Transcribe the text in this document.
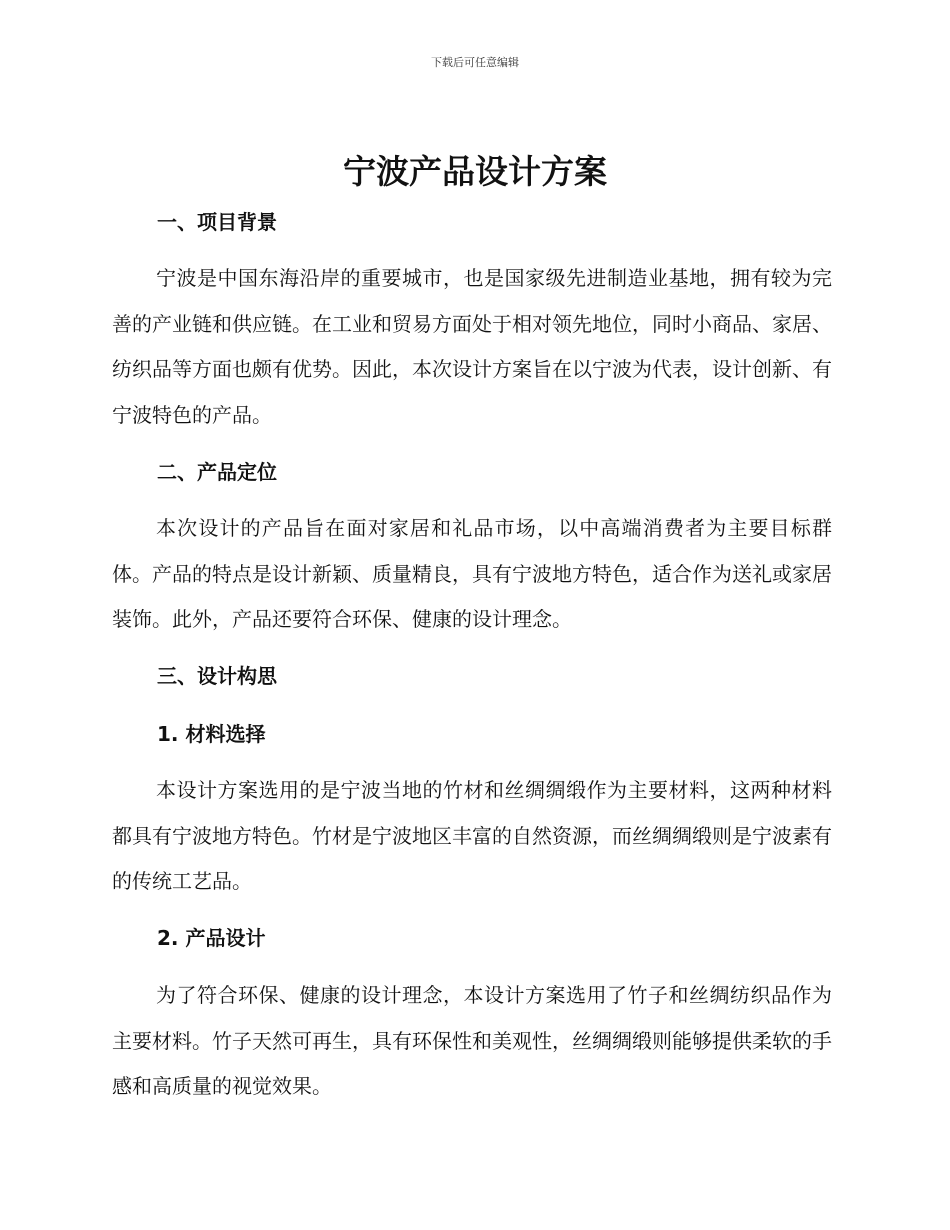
下载后可任意编辑
宁波产品设计方案
一、项目背景
宁波是中国东海沿岸的重要城市，也是国家级先进制造业基地，拥有较为完善的产业链和供应链。在工业和贸易方面处于相对领先地位，同时小商品、家居、纺织品等方面也颇有优势。因此，本次设计方案旨在以宁波为代表，设计创新、有宁波特色的产品。
二、产品定位
本次设计的产品旨在面对家居和礼品市场，以中高端消费者为主要目标群体。产品的特点是设计新颖、质量精良，具有宁波地方特色，适合作为送礼或家居装饰。此外，产品还要符合环保、健康的设计理念。
三、设计构思
1. 材料选择
本设计方案选用的是宁波当地的竹材和丝绸绸缎作为主要材料，这两种材料都具有宁波地方特色。竹材是宁波地区丰富的自然资源，而丝绸绸缎则是宁波素有的传统工艺品。
2. 产品设计
为了符合环保、健康的设计理念，本设计方案选用了竹子和丝绸纺织品作为主要材料。竹子天然可再生，具有环保性和美观性，丝绸绸缎则能够提供柔软的手感和高质量的视觉效果。
